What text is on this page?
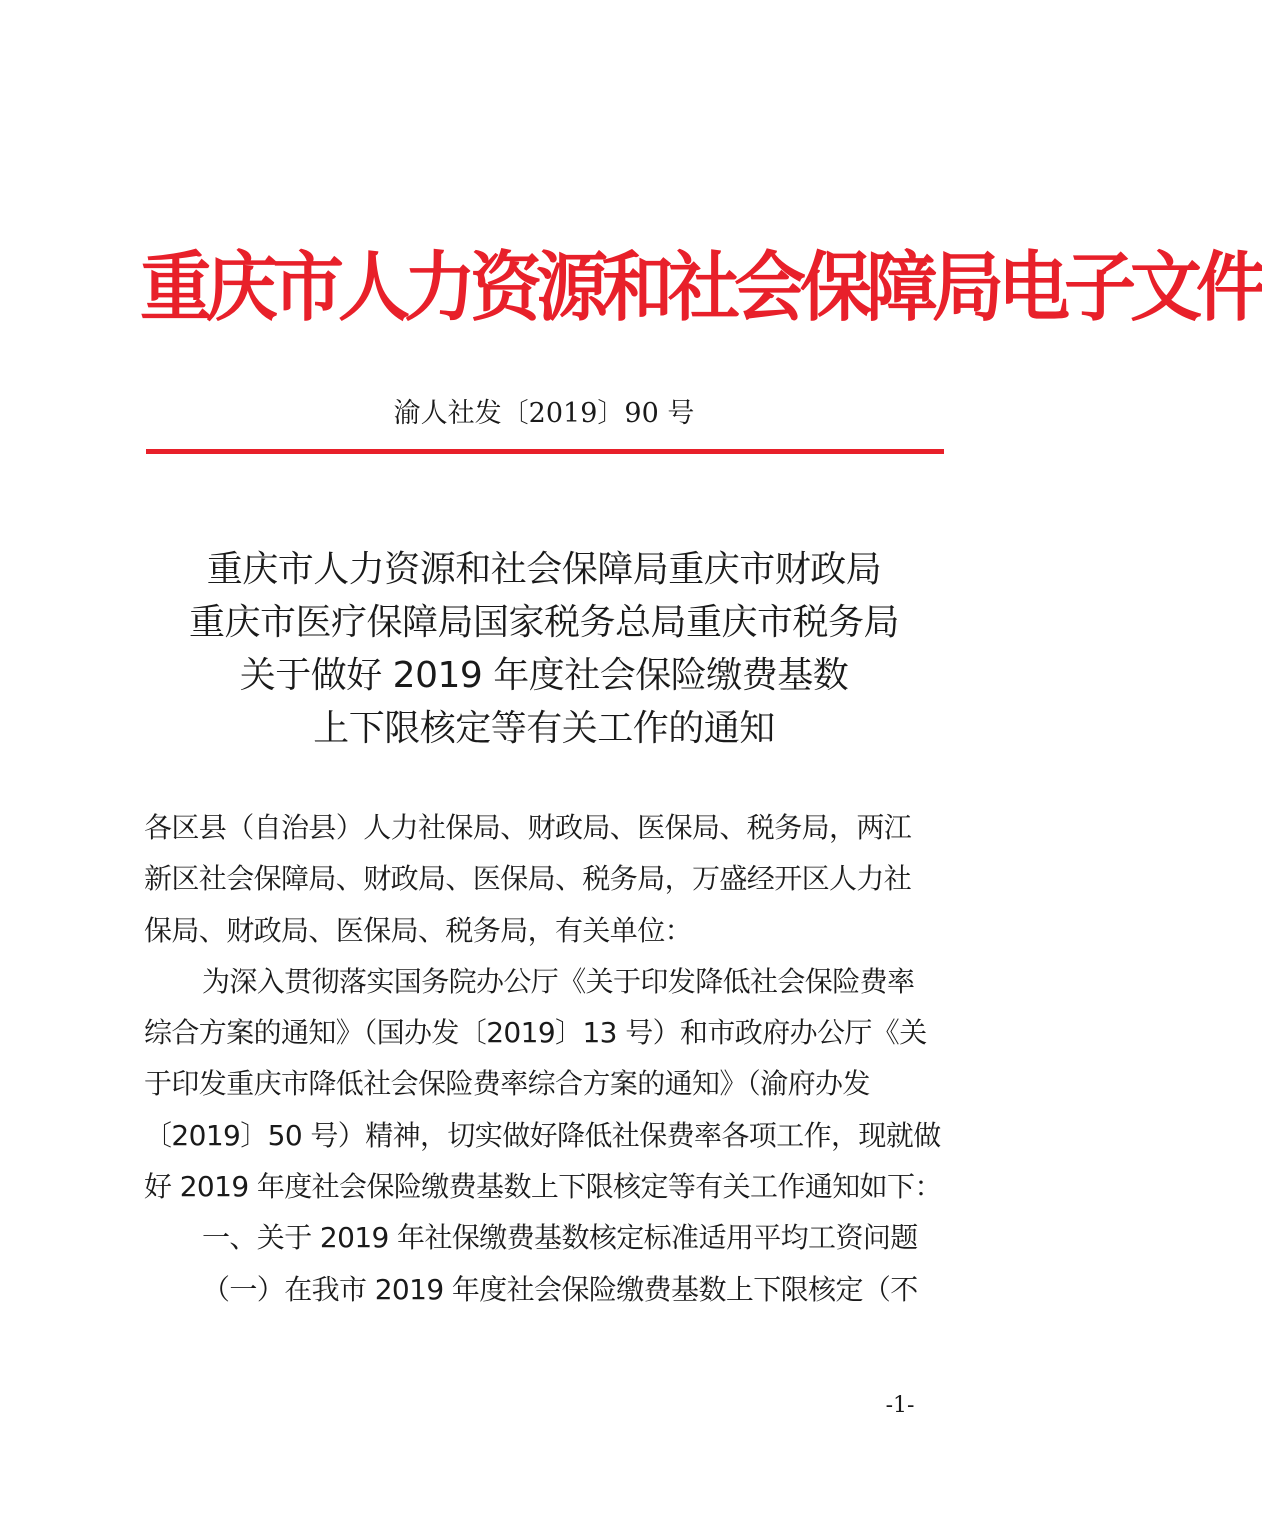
重庆市人力资源和社会保障局电子文件
渝人社发〔2019〕90 号
重庆市人力资源和社会保障局重庆市财政局
重庆市医疗保障局国家税务总局重庆市税务局
关于做好 2019 年度社会保险缴费基数
上下限核定等有关工作的通知
各区县（自治县）人力社保局、财政局、医保局、税务局，两江
新区社会保障局、财政局、医保局、税务局，万盛经开区人力社
保局、财政局、医保局、税务局，有关单位：
为深入贯彻落实国务院办公厅《关于印发降低社会保险费率
综合方案的通知》（国办发〔2019〕13 号）和市政府办公厅《关
于印发重庆市降低社会保险费率综合方案的通知》（渝府办发
〔2019〕50 号）精神，切实做好降低社保费率各项工作，现就做
好 2019 年度社会保险缴费基数上下限核定等有关工作通知如下：
一、关于 2019 年社保缴费基数核定标准适用平均工资问题
（一）在我市 2019 年度社会保险缴费基数上下限核定（不
-1-
